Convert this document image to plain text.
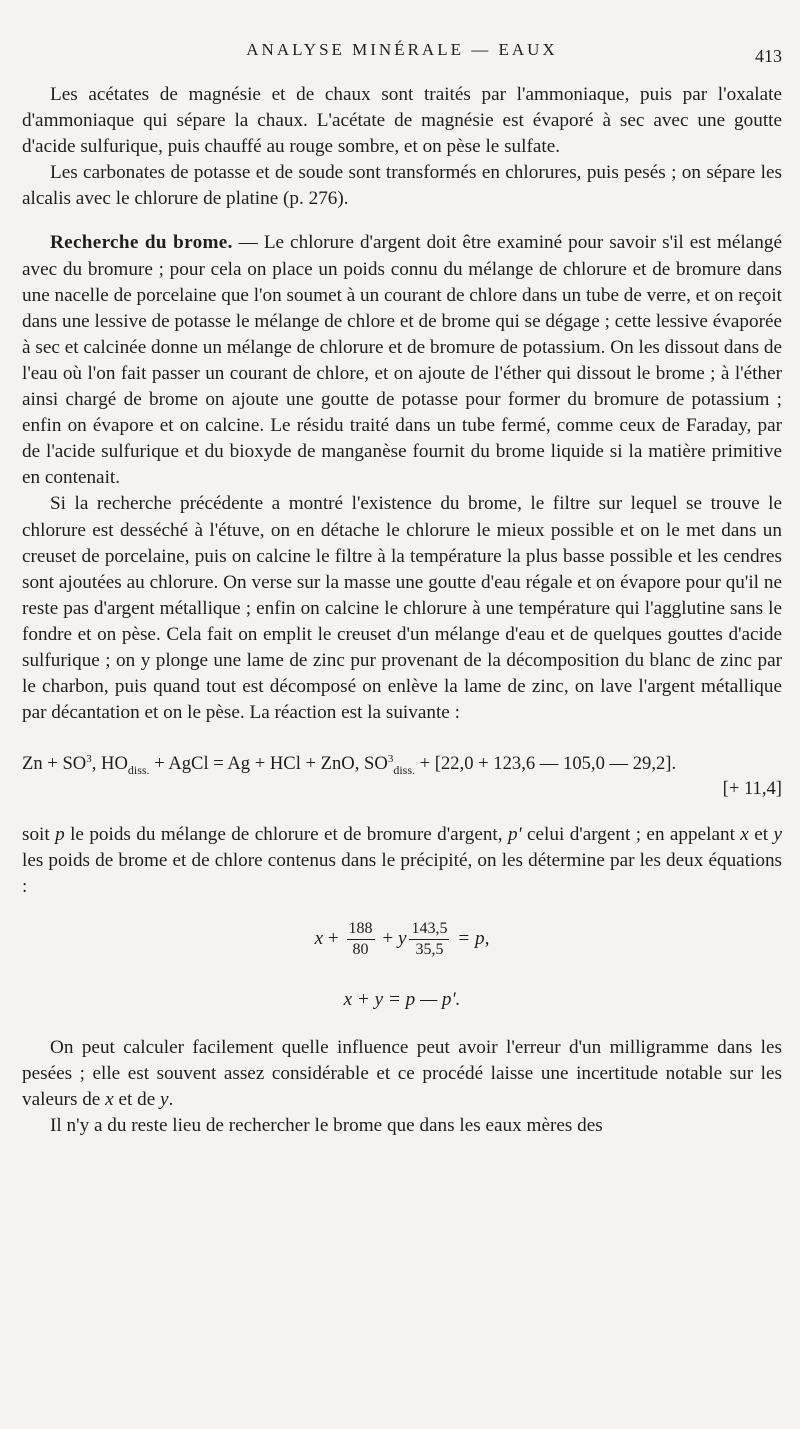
ANALYSE MINÉRALE — EAUX	413

Les acétates de magnésie et de chaux sont traités par l'ammoniaque, puis par l'oxalate d'ammoniaque qui sépare la chaux. L'acétate de magnésie est évaporé à sec avec une goutte d'acide sulfurique, puis chauffé au rouge sombre, et on pèse le sulfate.

Les carbonates de potasse et de soude sont transformés en chlorures, puis pesés ; on sépare les alcalis avec le chlorure de platine (p. 276).

Recherche du brome. — Le chlorure d'argent doit être examiné pour savoir s'il est mélangé avec du bromure ; pour cela on place un poids connu du mélange de chlorure et de bromure dans une nacelle de porcelaine que l'on soumet à un courant de chlore dans un tube de verre, et on reçoit dans une lessive de potasse le mélange de chlore et de brome qui se dégage ; cette lessive évaporée à sec et calcinée donne un mélange de chlorure et de bromure de potassium. On les dissout dans de l'eau où l'on fait passer un courant de chlore, et on ajoute de l'éther qui dissout le brome ; à l'éther ainsi chargé de brome on ajoute une goutte de potasse pour former du bromure de potassium ; enfin on évapore et on calcine. Le résidu traité dans un tube fermé, comme ceux de Faraday, par de l'acide sulfurique et du bioxyde de manganèse fournit du brome liquide si la matière primitive en contenait.

Si la recherche précédente a montré l'existence du brome, le filtre sur lequel se trouve le chlorure est desséché à l'étuve, on en détache le chlorure le mieux possible et on le met dans un creuset de porcelaine, puis on calcine le filtre à la température la plus basse possible et les cendres sont ajoutées au chlorure. On verse sur la masse une goutte d'eau régale et on évapore pour qu'il ne reste pas d'argent métallique ; enfin on calcine le chlorure à une température qui l'agglutine sans le fondre et on pèse. Cela fait on emplit le creuset d'un mélange d'eau et de quelques gouttes d'acide sulfurique ; on y plonge une lame de zinc pur provenant de la décomposition du blanc de zinc par le charbon, puis quand tout est décomposé on enlève la lame de zinc, on lave l'argent métallique par décantation et on le pèse. La réaction est la suivante :

$Zn + SO^3$, $HO_{diss.}$ + AgCl = Ag + HCl + ZnO, $SO^3_{diss.} + [22,0 + 123,6$ — 105,0 — 29,2].
[+ 11,4]

soit p le poids du mélange de chlorure et de bromure d'argent, p' celui d'argent ; en appelant x et y les poids de brome et de chlore contenus dans le précipité, on les détermine par les deux équations :

$x + \frac{188}{80} + y \frac{143,5}{35,5} = p$,
x + y = p — p'.

On peut calculer facilement quelle influence peut avoir l'erreur d'un milligramme dans les pesées ; elle est souvent assez considérable et ce procédé laisse une incertitude notable sur les valeurs de x et de y.

Il n'y a du reste lieu de rechercher le brome que dans les eaux mères des
